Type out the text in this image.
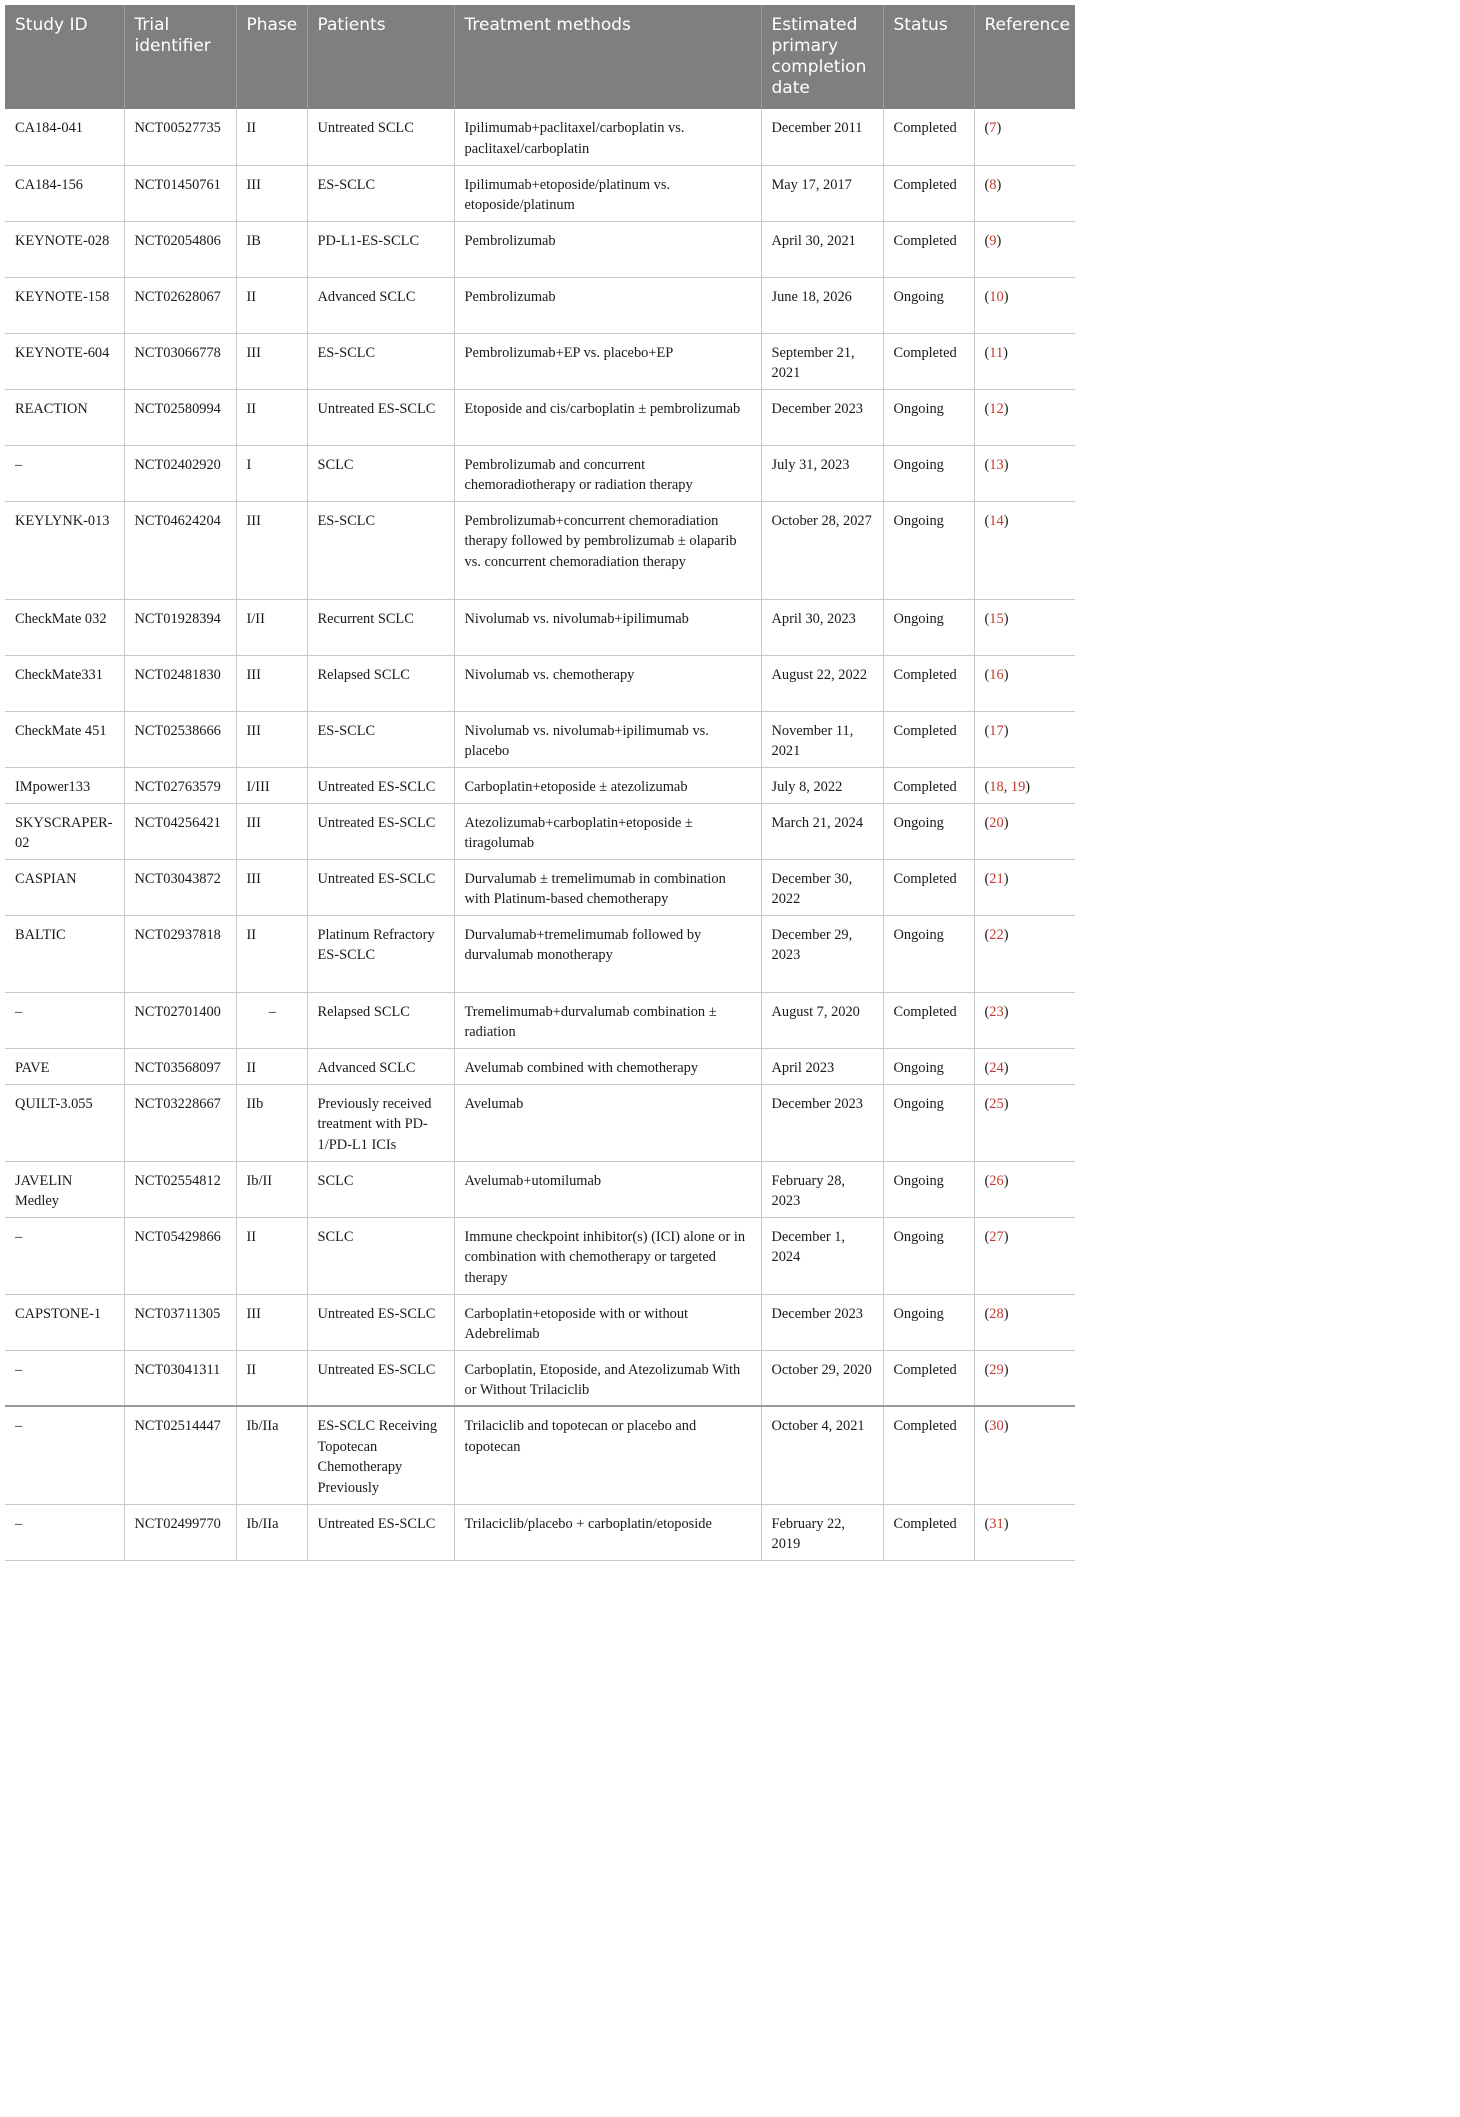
Study ID	Trial identifier	Phase	Patients	Treatment methods	Estimated primary completion date	Status	Reference
CA184-041	NCT00527735	II	Untreated SCLC	Ipilimumab+paclitaxel/carboplatin vs. paclitaxel/carboplatin	December 2011	Completed	(7)
CA184-156	NCT01450761	III	ES-SCLC	Ipilimumab+etoposide/platinum vs. etoposide/platinum	May 17, 2017	Completed	(8)
KEYNOTE-028	NCT02054806	IB	PD-L1-ES-SCLC	Pembrolizumab	April 30, 2021	Completed	(9)
KEYNOTE-158	NCT02628067	II	Advanced SCLC	Pembrolizumab	June 18, 2026	Ongoing	(10)
KEYNOTE-604	NCT03066778	III	ES-SCLC	Pembrolizumab+EP vs. placebo+EP	September 21, 2021	Completed	(11)
REACTION	NCT02580994	II	Untreated ES-SCLC	Etoposide and cis/carboplatin ± pembrolizumab	December 2023	Ongoing	(12)
–	NCT02402920	I	SCLC	Pembrolizumab and concurrent chemoradiotherapy or radiation therapy	July 31, 2023	Ongoing	(13)
KEYLYNK-013	NCT04624204	III	ES-SCLC	Pembrolizumab+concurrent chemoradiation therapy followed by pembrolizumab ± olaparib vs. concurrent chemoradiation therapy	October 28, 2027	Ongoing	(14)
CheckMate 032	NCT01928394	I/II	Recurrent SCLC	Nivolumab vs. nivolumab+ipilimumab	April 30, 2023	Ongoing	(15)
CheckMate331	NCT02481830	III	Relapsed SCLC	Nivolumab vs. chemotherapy	August 22, 2022	Completed	(16)
CheckMate 451	NCT02538666	III	ES-SCLC	Nivolumab vs. nivolumab+ipilimumab vs. placebo	November 11, 2021	Completed	(17)
IMpower133	NCT02763579	I/III	Untreated ES-SCLC	Carboplatin+etoposide ± atezolizumab	July 8, 2022	Completed	(18, 19)
SKYSCRAPER-02	NCT04256421	III	Untreated ES-SCLC	Atezolizumab+carboplatin+etoposide ± tiragolumab	March 21, 2024	Ongoing	(20)
CASPIAN	NCT03043872	III	Untreated ES-SCLC	Durvalumab ± tremelimumab in combination with Platinum-based chemotherapy	December 30, 2022	Completed	(21)
BALTIC	NCT02937818	II	Platinum Refractory ES-SCLC	Durvalumab+tremelimumab followed by durvalumab monotherapy	December 29, 2023	Ongoing	(22)
–	NCT02701400	–	Relapsed SCLC	Tremelimumab+durvalumab combination ± radiation	August 7, 2020	Completed	(23)
PAVE	NCT03568097	II	Advanced SCLC	Avelumab combined with chemotherapy	April 2023	Ongoing	(24)
QUILT-3.055	NCT03228667	IIb	Previously received treatment with PD-1/PD-L1 ICIs	Avelumab	December 2023	Ongoing	(25)
JAVELIN Medley	NCT02554812	Ib/II	SCLC	Avelumab+utomilumab	February 28, 2023	Ongoing	(26)
–	NCT05429866	II	SCLC	Immune checkpoint inhibitor(s) (ICI) alone or in combination with chemotherapy or targeted therapy	December 1, 2024	Ongoing	(27)
CAPSTONE-1	NCT03711305	III	Untreated ES-SCLC	Carboplatin+etoposide with or without Adebrelimab	December 2023	Ongoing	(28)
–	NCT03041311	II	Untreated ES-SCLC	Carboplatin, Etoposide, and Atezolizumab With or Without Trilaciclib	October 29, 2020	Completed	(29)
–	NCT02514447	Ib/IIa	ES-SCLC Receiving Topotecan Chemotherapy Previously	Trilaciclib and topotecan or placebo and topotecan	October 4, 2021	Completed	(30)
–	NCT02499770	Ib/IIa	Untreated ES-SCLC	Trilaciclib/placebo + carboplatin/etoposide	February 22, 2019	Completed	(31)
